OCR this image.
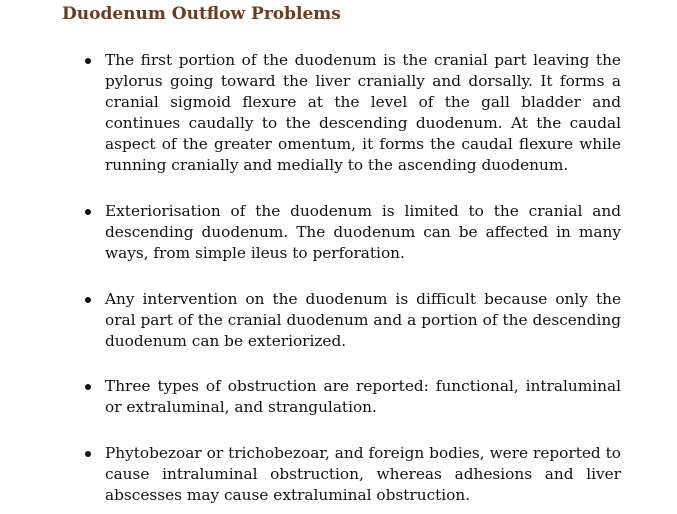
Duodenum Outflow Problems

The first portion of the duodenum is the cranial part leaving the pylorus going toward the liver cranially and dorsally. It forms a cranial sigmoid flexure at the level of the gall bladder and continues caudally to the descending duodenum. At the caudal aspect of the greater omentum, it forms the caudal flexure while running cranially and medially to the ascending duodenum.

Exteriorisation of the duodenum is limited to the cranial and descending duodenum. The duodenum can be affected in many ways, from simple ileus to perforation.

Any intervention on the duodenum is difficult because only the oral part of the cranial duodenum and a portion of the descending duodenum can be exteriorized.

Three types of obstruction are reported: functional, intraluminal or extraluminal, and strangulation.

Phytobezoar or trichobezoar, and foreign bodies, were reported to cause intraluminal obstruction, whereas adhesions and liver abscesses may cause extraluminal obstruction.
